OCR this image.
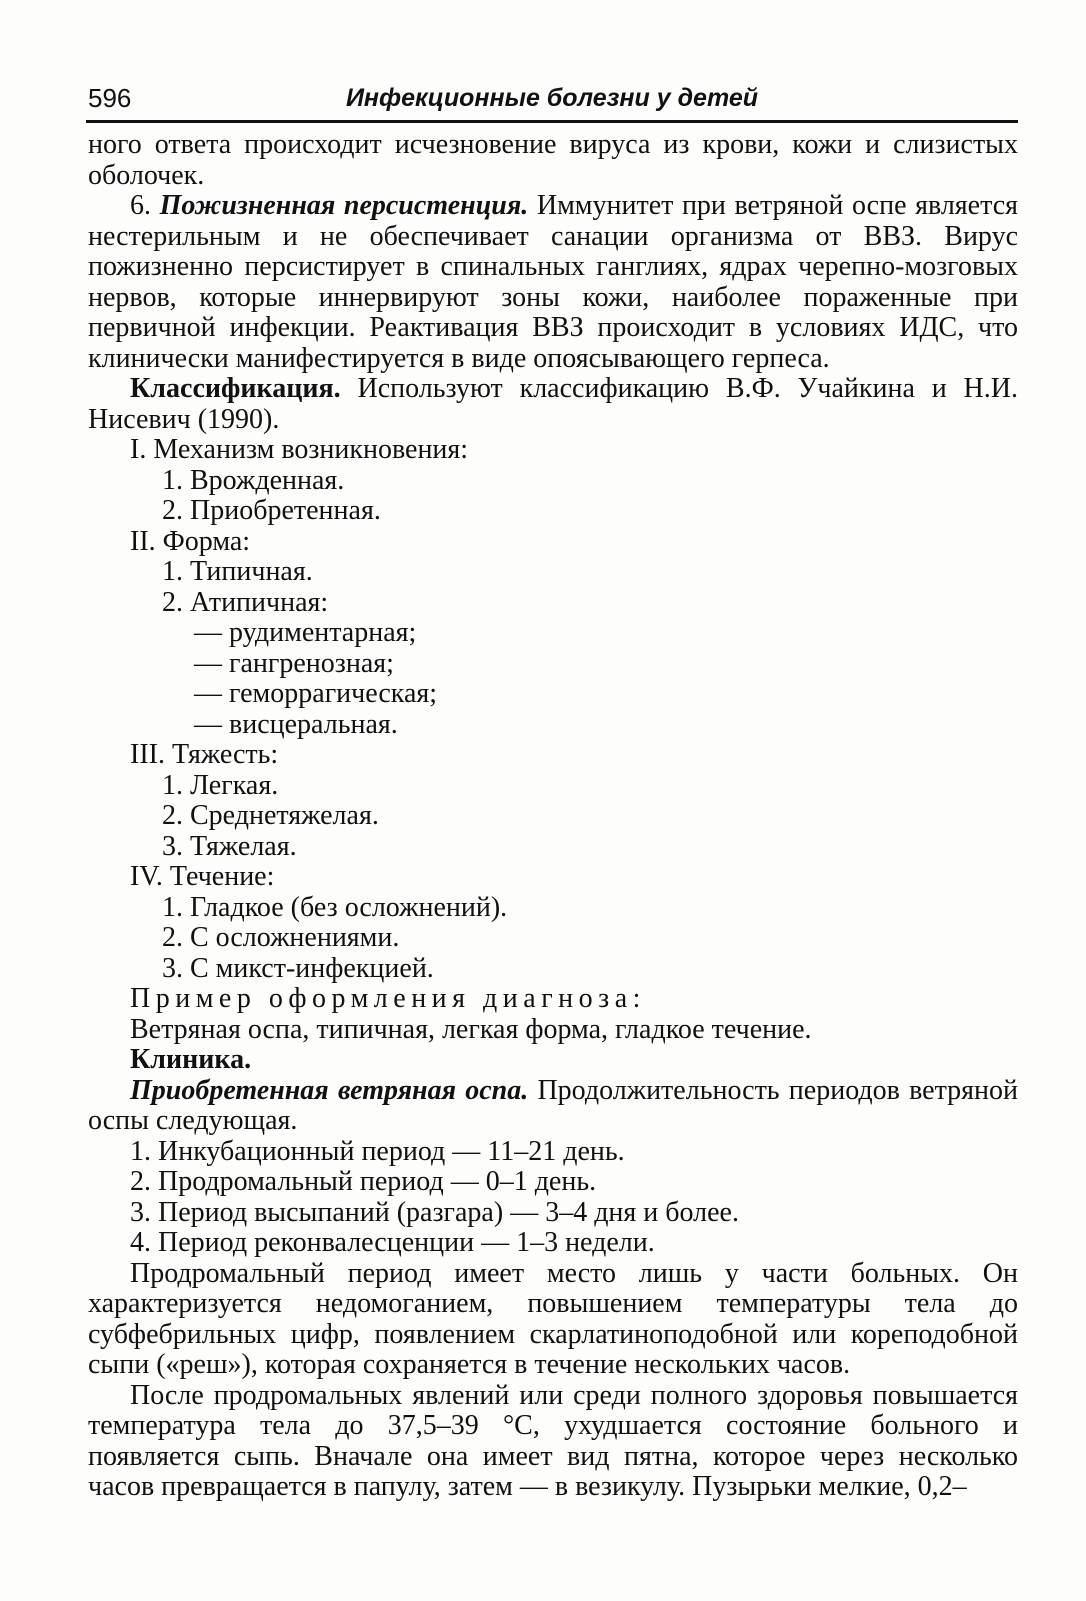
596	Инфекционные болезни у детей

ного ответа происходит исчезновение вируса из крови, кожи и слизистых оболочек.

6. Пожизненная персистенция. Иммунитет при ветряной оспе является нестерильным и не обеспечивает санации организма от ВВЗ. Вирус пожизненно персистирует в спинальных ганглиях, ядрах черепно-мозговых нервов, которые иннервируют зоны кожи, наиболее пораженные при первичной инфекции. Реактивация ВВЗ происходит в условиях ИДС, что клинически манифестируется в виде опоясывающего герпеса.

Классификация. Используют классификацию В.Ф. Учайкина и Н.И. Нисевич (1990).

I. Механизм возникновения:

1. Врожденная.

2. Приобретенная.

II. Форма:

1. Типичная.

2. Атипичная:

— рудиментарная;

— гангренозная;

— геморрагическая;

— висцеральная.

III. Тяжесть:

1. Легкая.

2. Среднетяжелая.

3. Тяжелая.

IV. Течение:

1. Гладкое (без осложнений).

2. С осложнениями.

3. С микст-инфекцией.

Пример оформления диагноза:

Ветряная оспа, типичная, легкая форма, гладкое течение.

Клиника.

Приобретенная ветряная оспа. Продолжительность периодов ветряной оспы следующая.

1. Инкубационный период — 11–21 день.

2. Продромальный период — 0–1 день.

3. Период высыпаний (разгара) — 3–4 дня и более.

4. Период реконвалесценции — 1–3 недели.

Продромальный период имеет место лишь у части больных. Он характеризуется недомоганием, повышением температуры тела до субфебрильных цифр, появлением скарлатиноподобной или кореподобной сыпи («реш»), которая сохраняется в течение нескольких часов.

После продромальных явлений или среди полного здоровья повышается температура тела до 37,5–39 °С, ухудшается состояние больного и появляется сыпь. Вначале она имеет вид пятна, которое через несколько часов превращается в папулу, затем — в везикулу. Пузырьки мелкие, 0,2–
